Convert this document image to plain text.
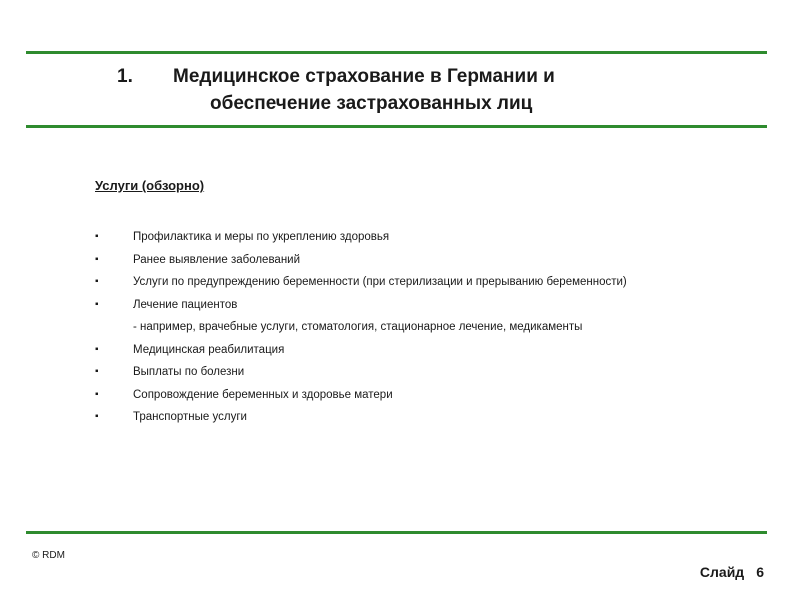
1. Медицинское страхование в Германии и
обеспечение застрахованных лиц
Услуги (обзорно)
▪	Профилактика и меры по укреплению здоровья
▪	Ранее выявление заболеваний
▪	Услуги по предупреждению беременности (при стерилизации и прерыванию беременности)
▪	Лечение пациентов
- например, врачебные услуги, стоматология, стационарное лечение, медикаменты
▪	Медицинская реабилитация
▪	Выплаты по болезни
▪	Сопровождение беременных и здоровье матери
▪	Транспортные услуги
© RDM
Слайд 6
